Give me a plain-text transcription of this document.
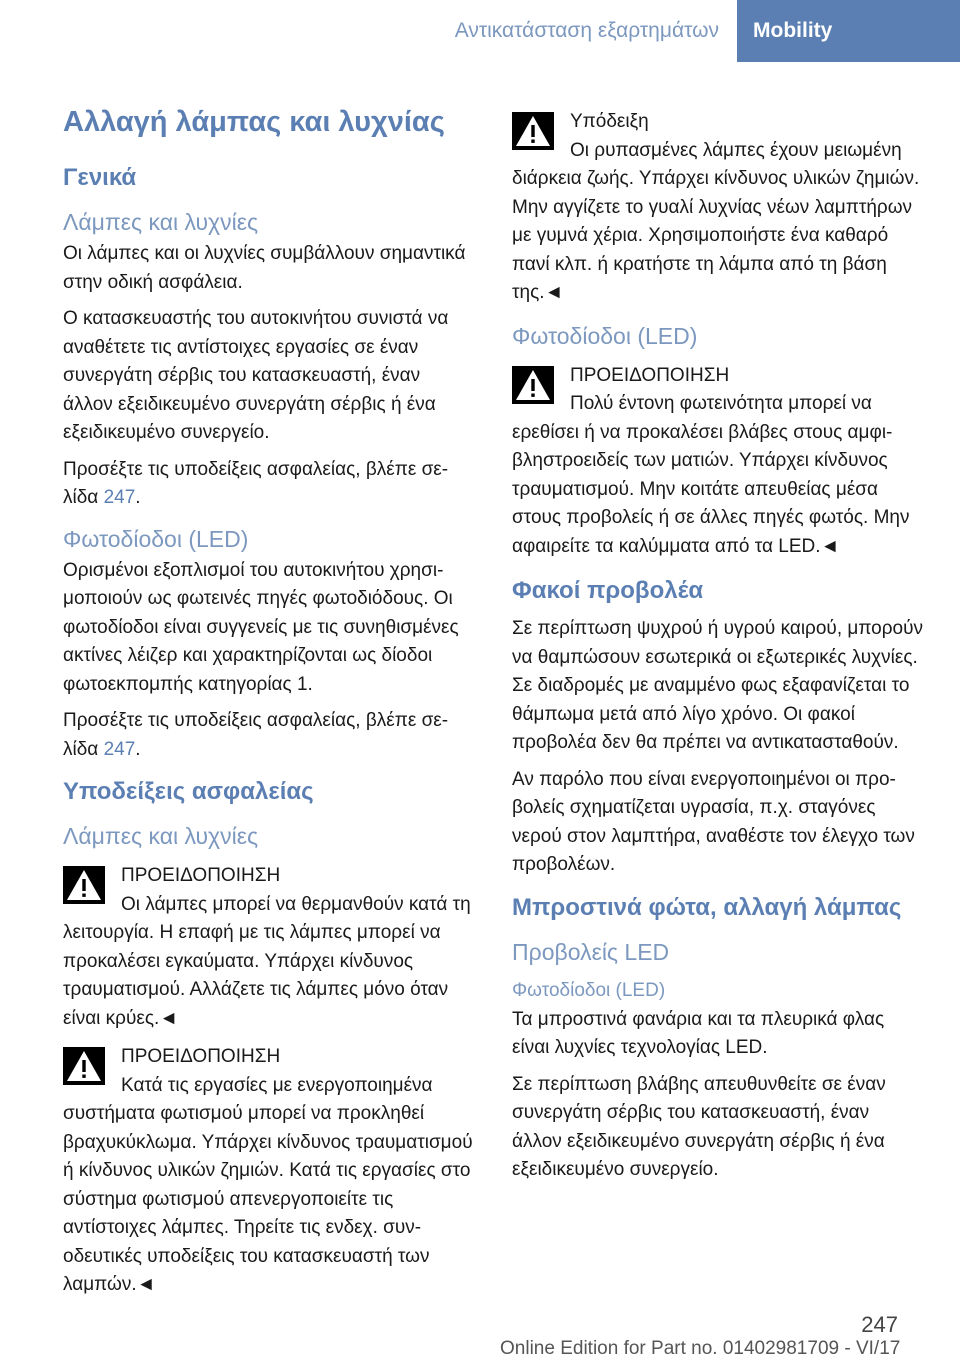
Αντικατάσταση εξαρτημάτων	Mobility
Αλλαγή λάμπας και λυχνίας
Γενικά
Λάμπες και λυχνίες

Οι λάμπες και οι λυχνίες συμβάλλουν σημαντικά στην οδική ασφάλεια.

Ο κατασκευαστής του αυτοκινήτου συνιστά να αναθέτετε τις αντίστοιχες εργασίες σε έναν συνεργάτη σέρβις του κατασκευαστή, έναν άλλον εξειδικευμένο συνεργάτη σέρβις ή ένα εξειδικευμένο συνεργείο.

Προσέξτε τις υποδείξεις ασφαλείας, βλέπε σελίδα 247.

Φωτοδίοδοι (LED)

Ορισμένοι εξοπλισμοί του αυτοκινήτου χρησιμοποιούν ως φωτεινές πηγές φωτοδιόδους. Οι φωτοδίοδοι είναι συγγενείς με τις συνηθισμένες ακτίνες λέιζερ και χαρακτηρίζονται ως δίοδοι φωτοεκπομπής κατηγορίας 1.

Προσέξτε τις υποδείξεις ασφαλείας, βλέπε σελίδα 247.

Υποδείξεις ασφαλείας
Λάμπες και λυχνίες
ΠΡΟΕΙΔΟΠΟΙΗΣΗ

Οι λάμπες μπορεί να θερμανθούν κατά τη λειτουργία. Η επαφή με τις λάμπες μπορεί να προκαλέσει εγκαύματα. Υπάρχει κίνδυνος τραυματισμού. Αλλάζετε τις λάμπες μόνο όταν είναι κρύες.◄

ΠΡΟΕΙΔΟΠΟΙΗΣΗ

Κατά τις εργασίες με ενεργοποιημένα συστήματα φωτισμού μπορεί να προκληθεί βραχυκύκλωμα. Υπάρχει κίνδυνος τραυματισμού ή κίνδυνος υλικών ζημιών. Κατά τις εργασίες στο σύστημα φωτισμού απενεργοποιείτε τις αντίστοιχες λάμπες. Τηρείτε τις ενδεχ. συνοδευτικές υποδείξεις του κατασκευαστή των λαμπών.◄

Υπόδειξη

Οι ρυπασμένες λάμπες έχουν μειωμένη διάρκεια ζωής. Υπάρχει κίνδυνος υλικών ζημιών. Μην αγγίζετε το γυαλί λυχνίας νέων λαμπτήρων με γυμνά χέρια. Χρησιμοποιήστε ένα καθαρό πανί κλπ. ή κρατήστε τη λάμπα από τη βάση της.◄

Φωτοδίοδοι (LED)
ΠΡΟΕΙΔΟΠΟΙΗΣΗ

Πολύ έντονη φωτεινότητα μπορεί να ερεθίσει ή να προκαλέσει βλάβες στους αμφιβληστροειδείς των ματιών. Υπάρχει κίνδυνος τραυματισμού. Μην κοιτάτε απευθείας μέσα στους προβολείς ή σε άλλες πηγές φωτός. Μην αφαιρείτε τα καλύμματα από τα LED.◄

Φακοί προβολέα

Σε περίπτωση ψυχρού ή υγρού καιρού, μπορούν να θαμπώσουν εσωτερικά οι εξωτερικές λυχνίες. Σε διαδρομές με αναμμένο φως εξαφανίζεται το θάμπωμα μετά από λίγο χρόνο. Οι φακοί προβολέα δεν θα πρέπει να αντικατασταθούν.

Αν παρόλο που είναι ενεργοποιημένοι οι προβολείς σχηματίζεται υγρασία, π.χ. σταγόνες νερού στον λαμπτήρα, αναθέστε τον έλεγχο των προβολέων.

Μπροστινά φώτα, αλλαγή λάμπας
Προβολείς LED
Φωτοδίοδοι (LED)

Τα μπροστινά φανάρια και τα πλευρικά φλας είναι λυχνίες τεχνολογίας LED.

Σε περίπτωση βλάβης απευθυνθείτε σε έναν συνεργάτη σέρβις του κατασκευαστή, έναν άλλον εξειδικευμένο συνεργάτη σέρβις ή ένα εξειδικευμένο συνεργείο.

247
Online Edition for Part no. 01402981709 - VI/17
